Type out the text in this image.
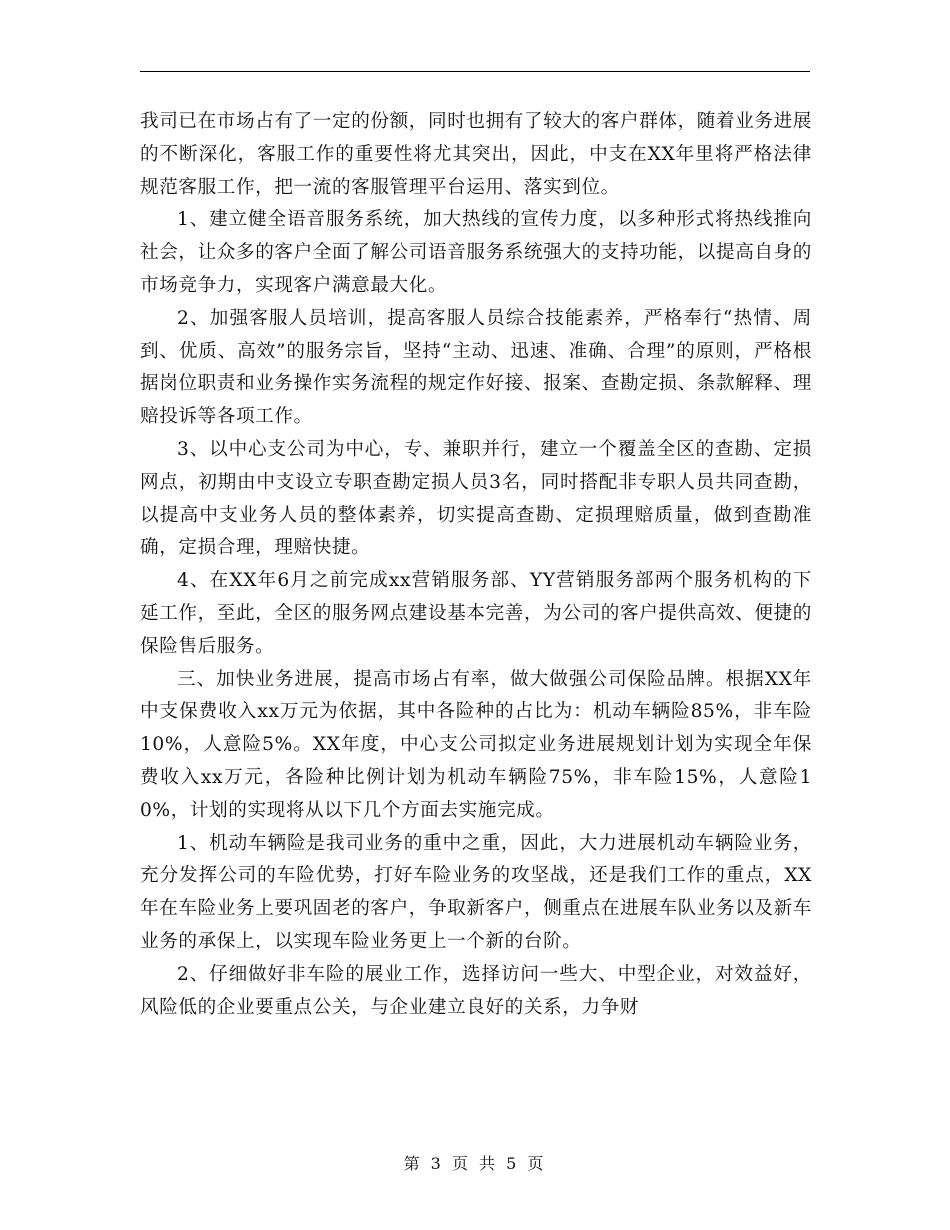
我司已在市场占有了一定的份额，同时也拥有了较大的客户群体，随着业务进展的不断深化，客服工作的重要性将尤其突出，因此，中支在XX年里将严格法律规范客服工作，把一流的客服管理平台运用、落实到位。

1、建立健全语音服务系统，加大热线的宣传力度，以多种形式将热线推向社会，让众多的客户全面了解公司语音服务系统强大的支持功能，以提高自身的市场竞争力，实现客户满意最大化。

2、加强客服人员培训，提高客服人员综合技能素养，严格奉行“热情、周到、优质、高效”的服务宗旨，坚持“主动、迅速、准确、合理”的原则，严格根据岗位职责和业务操作实务流程的规定作好接、报案、查勘定损、条款解释、理赔投诉等各项工作。

3、以中心支公司为中心，专、兼职并行，建立一个覆盖全区的查勘、定损网点，初期由中支设立专职查勘定损人员3名，同时搭配非专职人员共同查勘，以提高中支业务人员的整体素养，切实提高查勘、定损理赔质量，做到查勘准确，定损合理，理赔快捷。

4、在XX年6月之前完成xx营销服务部、YY营销服务部两个服务机构的下延工作，至此，全区的服务网点建设基本完善，为公司的客户提供高效、便捷的保险售后服务。

三、加快业务进展，提高市场占有率，做大做强公司保险品牌。根据XX年中支保费收入xx万元为依据，其中各险种的占比为：机动车辆险85%，非车险10%，人意险5%。XX年度，中心支公司拟定业务进展规划计划为实现全年保费收入xx万元，各险种比例计划为机动车辆险75%，非车险15%，人意险10%，计划的实现将从以下几个方面去实施完成。

1、机动车辆险是我司业务的重中之重，因此，大力进展机动车辆险业务，充分发挥公司的车险优势，打好车险业务的攻坚战，还是我们工作的重点，XX年在车险业务上要巩固老的客户，争取新客户，侧重点在进展车队业务以及新车业务的承保上，以实现车险业务更上一个新的台阶。

2、仔细做好非车险的展业工作，选择访问一些大、中型企业，对效益好，风险低的企业要重点公关，与企业建立良好的关系，力争财

第 3 页 共 5 页
